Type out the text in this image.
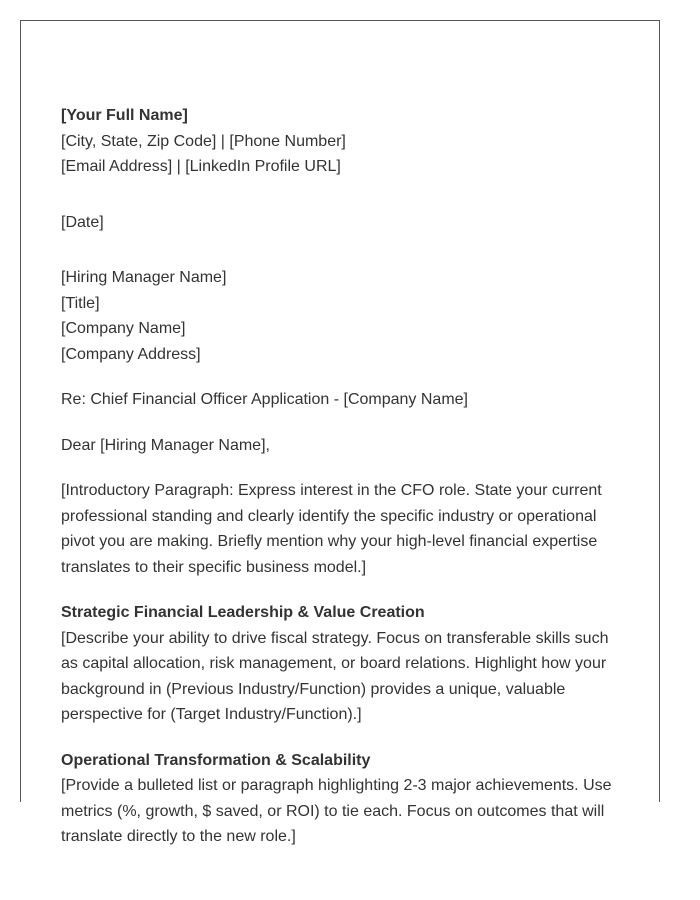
[Your Full Name]
[City, State, Zip Code] | [Phone Number]
[Email Address] | [LinkedIn Profile URL]
[Date]
[Hiring Manager Name]
[Title]
[Company Name]
[Company Address]
Re: Chief Financial Officer Application - [Company Name]
Dear [Hiring Manager Name],

[Introductory Paragraph: Express interest in the CFO role. State your current professional standing and clearly identify the specific industry or operational pivot you are making. Briefly mention why your high-level financial expertise translates to their specific business model.]

Strategic Financial Leadership & Value Creation

[Describe your ability to drive fiscal strategy. Focus on transferable skills such as capital allocation, risk management, or board relations. Highlight how your background in (Previous Industry/Function) provides a unique, valuable perspective for (Target Industry/Function).]

Operational Transformation & Scalability

[Provide a bulleted list or paragraph highlighting 2-3 major achievements. Use metrics (%, growth, $ saved, or ROI) to tie each. Focus on outcomes that will translate directly to the new role.]
